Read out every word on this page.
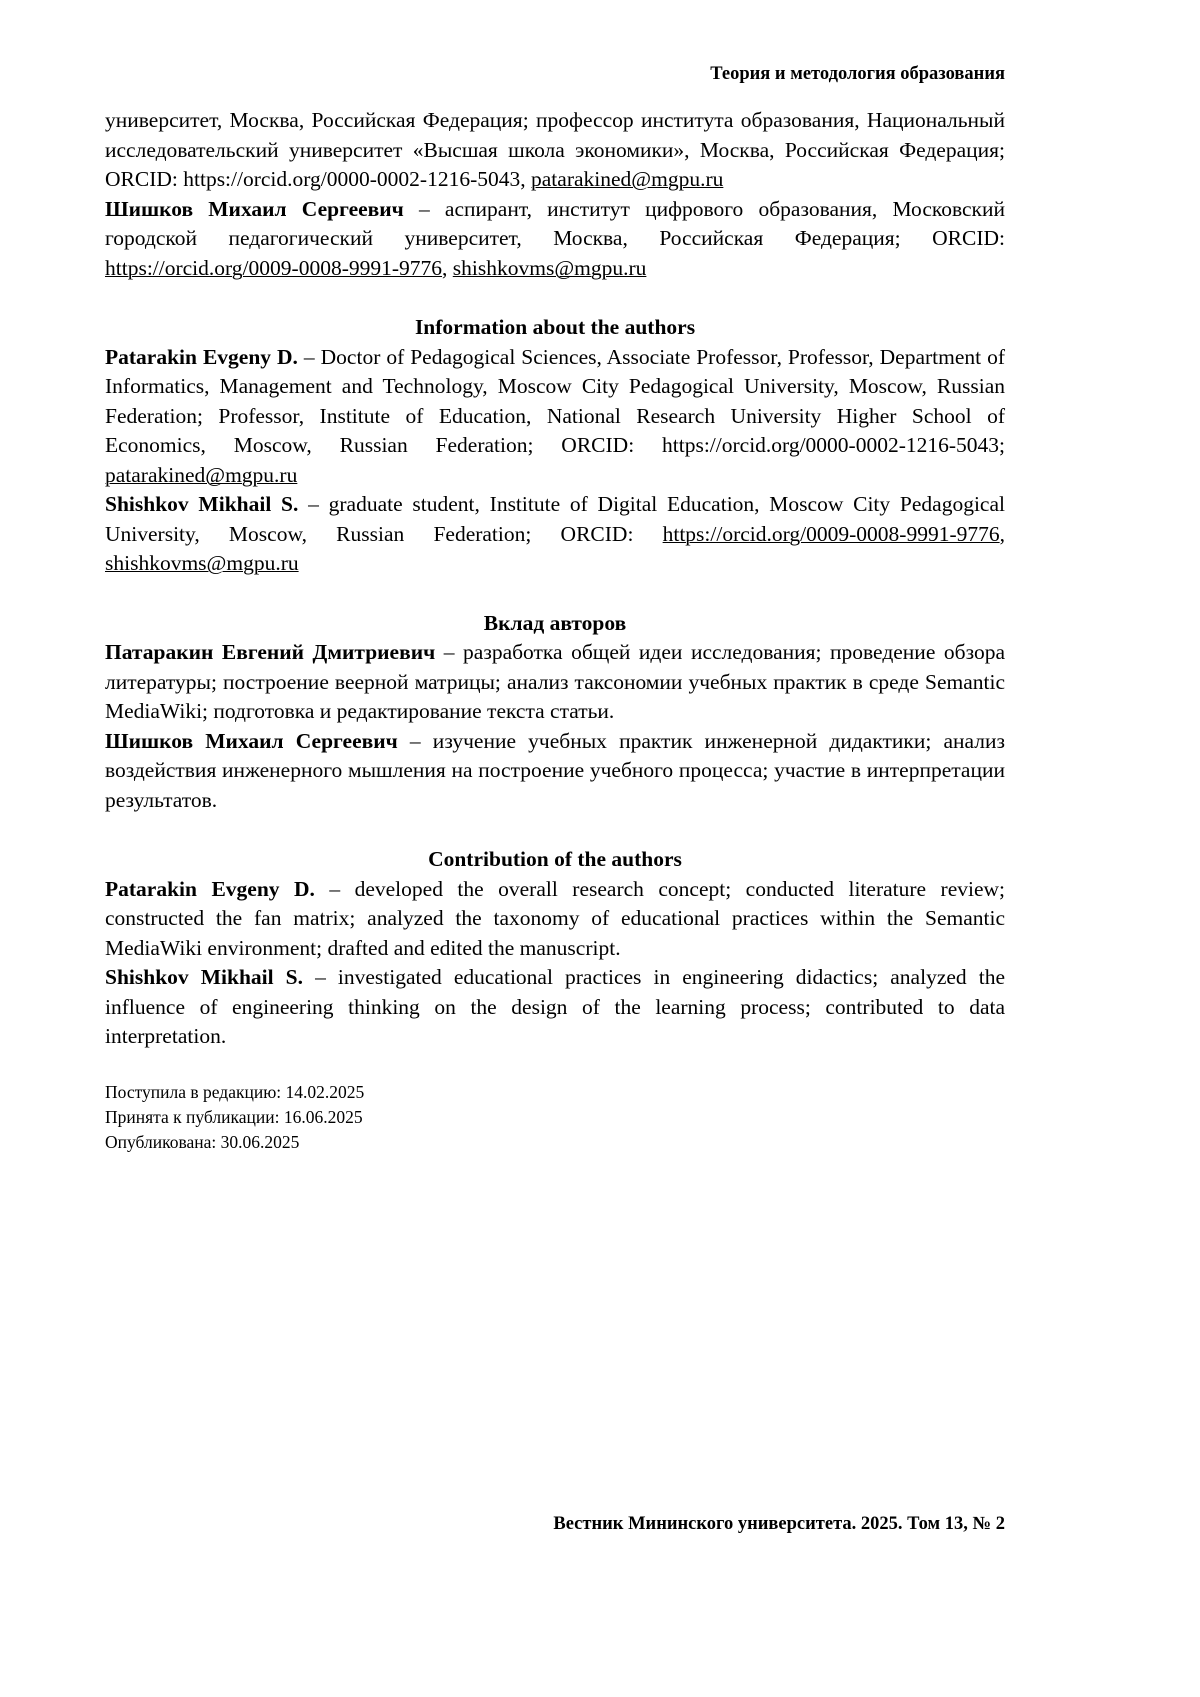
Теория и методология образования

университет, Москва, Российская Федерация; профессор института образования, Национальный исследовательский университет «Высшая школа экономики», Москва, Российская Федерация; ORCID: https://orcid.org/0000-0002-1216-5043, patarakined@mgpu.ru

Шишков Михаил Сергеевич – аспирант, институт цифрового образования, Московский городской педагогический университет, Москва, Российская Федерация; ORCID: https://orcid.org/0009-0008-9991-9776, shishkovms@mgpu.ru

Information about the authors

Patarakin Evgeny D. – Doctor of Pedagogical Sciences, Associate Professor, Professor, Department of Informatics, Management and Technology, Moscow City Pedagogical University, Moscow, Russian Federation; Professor, Institute of Education, National Research University Higher School of Economics, Moscow, Russian Federation; ORCID: https://orcid.org/0000-0002-1216-5043; patarakined@mgpu.ru

Shishkov Mikhail S. – graduate student, Institute of Digital Education, Moscow City Pedagogical University, Moscow, Russian Federation; ORCID: https://orcid.org/0009-0008-9991-9776, shishkovms@mgpu.ru

Вклад авторов

Патаракин Евгений Дмитриевич – разработка общей идеи исследования; проведение обзора литературы; построение веерной матрицы; анализ таксономии учебных практик в среде Semantic MediaWiki; подготовка и редактирование текста статьи.

Шишков Михаил Сергеевич – изучение учебных практик инженерной дидактики; анализ воздействия инженерного мышления на построение учебного процесса; участие в интерпретации результатов.

Contribution of the authors

Patarakin Evgeny D. – developed the overall research concept; conducted literature review; constructed the fan matrix; analyzed the taxonomy of educational practices within the Semantic MediaWiki environment; drafted and edited the manuscript.

Shishkov Mikhail S. – investigated educational practices in engineering didactics; analyzed the influence of engineering thinking on the design of the learning process; contributed to data interpretation.

Поступила в редакцию: 14.02.2025
Принята к публикации: 16.06.2025
Опубликована: 30.06.2025
Вестник Мининского университета. 2025. Том 13, № 2
